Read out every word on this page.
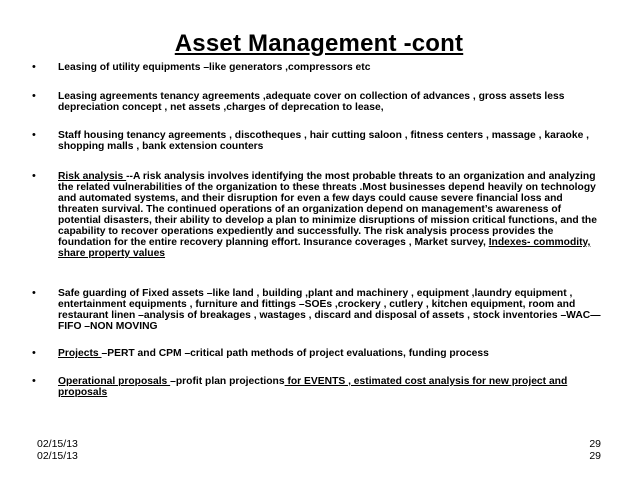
Asset Management -cont
• Leasing of utility equipments –like generators ,compressors etc
• Leasing agreements tenancy agreements ,adequate cover on collection of advances , gross assets less depreciation concept , net assets ,charges of deprecation to lease,
• Staff housing tenancy agreements , discotheques , hair cutting saloon , fitness centers , massage , karaoke , shopping malls , bank extension counters
• Risk analysis --A risk analysis involves identifying the most probable threats to an organization and analyzing the related vulnerabilities of the organization to these threats .Most businesses depend heavily on technology and automated systems, and their disruption for even a few days could cause severe financial loss and threaten survival. The continued operations of an organization depend on management’s awareness of potential disasters, their ability to develop a plan to minimize disruptions of mission critical functions, and the capability to recover operations expediently and successfully. The risk analysis process provides the foundation for the entire recovery planning effort. Insurance coverages , Market survey, Indexes- commodity, share property values
• Safe guarding of Fixed assets –like land , building ,plant and machinery , equipment ,laundry equipment , entertainment equipments , furniture and fittings –SOEs ,crockery , cutlery , kitchen equipment, room and restaurant linen –analysis of breakages , wastages , discard and disposal of assets , stock inventories –WAC—FIFO –NON MOVING
• Projects –PERT and CPM –critical path methods of project evaluations, funding process
• Operational proposals –profit plan projections for EVENTS , estimated cost analysis for new project and proposals
02/15/13
02/15/13
29
29
